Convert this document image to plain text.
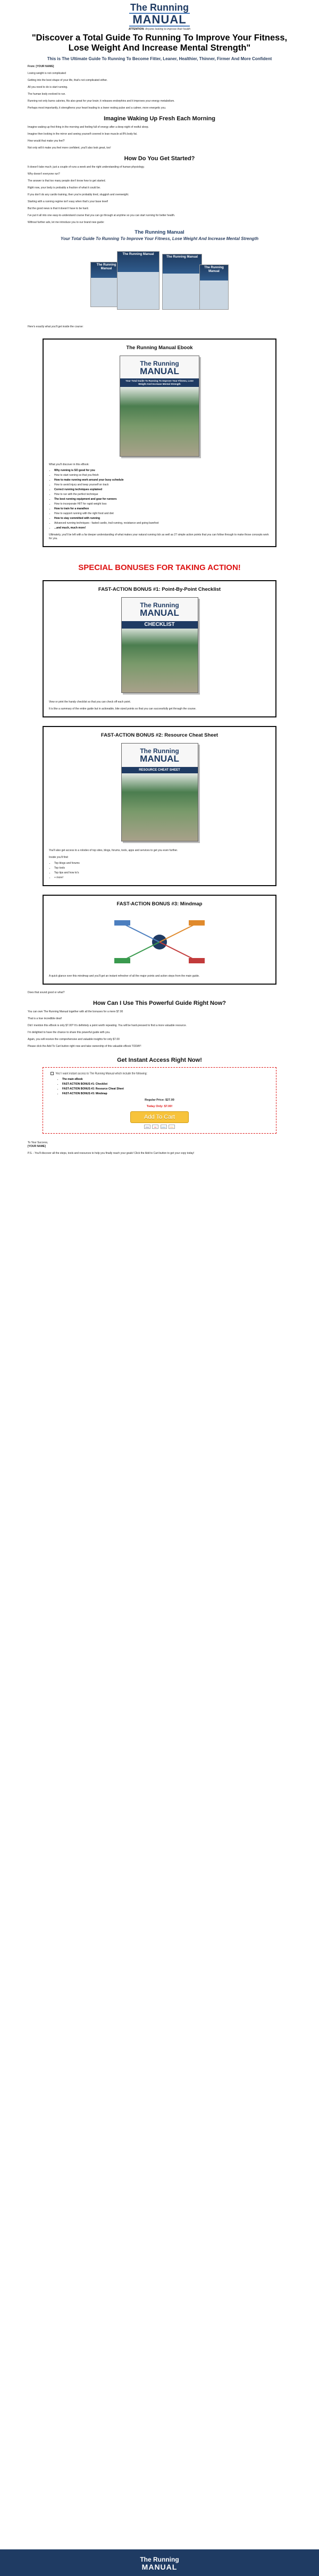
The Running
MANUAL
ATTENTION: Anyone looking to improve their health
"Discover a Total Guide To Running To Improve Your Fitness, Lose Weight And Increase Mental Strength"
This is The Ultimate Guide To Running To Become Fitter, Leaner, Healthier, Thinner, Firmer And More Confident
From: [YOUR NAME]
Losing weight is not complicated
Getting into the best shape of your life, that's not complicated either.
All you need to do is start running.
The human body evolved to run.
Running not only burns calories, fits also great for your brain; it releases endorphins and it improves your energy metabolism.
Perhaps most importantly, it strengthens your heart leading to a lower resting pulse and a calmer, more energetic you.
Imagine Waking Up Fresh Each Morning
Imagine waking up first thing in the morning and feeling full of energy after a deep night of restful sleep.
Imagine then looking in the mirror and seeing yourself covered in lean muscle at 8% body fat.
How would that make you feel?
Not only will it make you feel more confident, you'll also look great, too!
How Do You Get Started?
It doesn't take much; just a couple of runs a week and the right understanding of human physiology.
Why doesn't everyone run?
The answer is that too many people don't know how to get started.
Right now, your body is probably a fraction of what it could be.
If you don't do any cardio training, then you're probably tired, sluggish and overweight.
Starting with a running regime isn't easy when that's your base level!
But the good news is that it doesn't have to be hard.
I've put it all into one easy-to-understand course that you can go through at anytime so you can start running for better health.
Without further ado, let me introduce you to our brand new guide:
The Running Manual
Your Total Guide To Running To Improve Your Fitness, Lose Weight And Increase Mental Strength
The Running Manual
The Running Manual
The Running Manual
The Running Manual
Here's exactly what you'll get inside the course:
The Running Manual Ebook
The Running
MANUAL
Your Total Guide To Running To Improve Your Fitness, Lose Weight And Increase Mental Strength
What you'll discover in this eBook:
• Why running is SO good for you
• How to start running so that you finish
• How to make running work around your busy schedule
• How to avoid injury and keep yourself on track
• Correct running techniques explained
• How to run with the perfect technique
• The best running equipment and gear for runners
• How to incorporate HIIT for rapid weight loss
• How to train for a marathon
• How to support running with the right food and diet
• How to stay committed with running
• Advanced running techniques - fasted cardio, trail running, resistance and going barefoot
• ...and much, much more!
Ultimately, you'll be left with a far deeper understanding of what makes your natural running tick as well as 27 simple action points that you can follow through to make those concepts work for you.
SPECIAL BONUSES FOR TAKING ACTION!
FAST-ACTION BONUS #1: Point-By-Point Checklist
The Running
MANUAL
CHECKLIST
View or print the handy checklist so that you can check off each point.
It is like a summary of the entire guide but in actionable, bite sized points so that you can successfully get through the course.
FAST-ACTION BONUS #2: Resource Cheat Sheet
The Running
MANUAL
RESOURCE CHEAT SHEET
You'll also get access to a rolodex of top sites, blogs, forums, tools, apps and services to get you even further.
Inside you'll find:
• Top blogs and forums
• Top tools
• Top tips and how to's
• + more!
FAST-ACTION BONUS #3: Mindmap
A quick glance over this mindmap and you'll get an instant refresher of all the major points and action steps from the main guide.
Does that sound good or what?
How Can I Use This Powerful Guide Right Now?
You can own The Running Manual together with all the bonuses for a mere $7.00
That is a true incredible deal!
Did I mention this eBook is only $7.00? It's definitely a point worth repeating. You will be hard-pressed to find a more valuable resource.
I'm delighted to have the chance to share this powerful guide with you.
Again, you will receive the comprehensive and valuable insights for only $7.00
Please click the Add To Cart button right now and take ownership of this valuable eBook TODAY!
Get Instant Access Right Now!
Yes! I want instant access to The Running Manual which include the following:
• The main eBook
• FAST-ACTION BONUS #1: Checklist
• FAST-ACTION BONUS #2: Resource Cheat Sheet
• FAST-ACTION BONUS #3: Mindmap
Regular Price: $27.00
Today Only: $7.00!
Add To Cart
VISA	MC	AMEX	DISC
To Your Success,
[YOUR NAME]
P.S. - You'll discover all the steps, tools and resources to help you finally reach your goals! Click the Add to Cart button to get your copy today!
The Running
MANUAL
